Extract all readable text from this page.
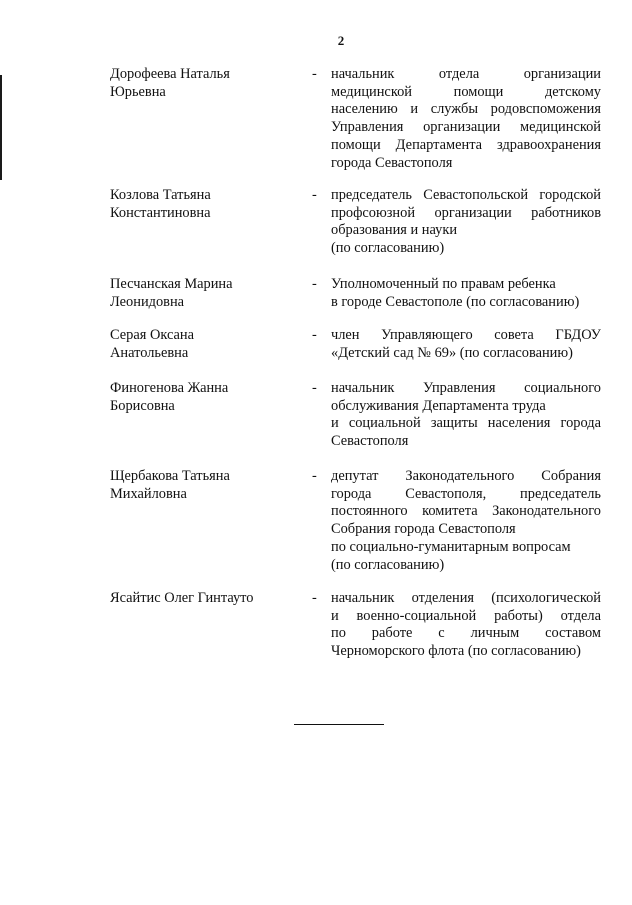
2
Дорофеева Наталья
Юрьевна
- начальник отдела организации
медицинской помощи детскому
населению и службы родовспоможения
Управления организации медицинской
помощи Департамента здравоохранения
города Севастополя
Козлова Татьяна
Константиновна
- председатель Севастопольской городской
профсоюзной организации работников
образования и науки
(по согласованию)
Песчанская Марина
Леонидовна
- Уполномоченный по правам ребенка
в городе Севастополе (по согласованию)
Серая Оксана
Анатольевна
- член Управляющего совета ГБДОУ
«Детский сад № 69» (по согласованию)
Финогенова Жанна
Борисовна
- начальник Управления социального
обслуживания Департамента труда
и социальной защиты населения города
Севастополя
Щербакова Татьяна
Михайловна
- депутат Законодательного Собрания
города Севастополя, председатель
постоянного комитета Законодательного
Собрания города Севастополя
по социально-гуманитарным вопросам
(по согласованию)
Ясайтис Олег Гинтауто	- начальник отделения (психологической
и военно-социальной работы) отдела
по работе с личным составом
Черноморского флота (по согласованию)
